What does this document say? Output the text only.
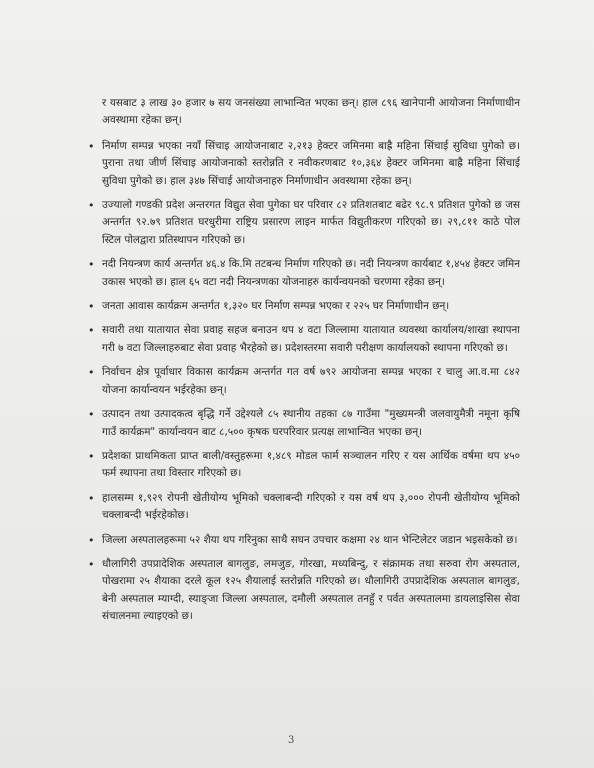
र यसबाट ३ लाख ३० हजार ७ सय जनसंख्या लाभान्वित भएका छन्। हाल ८९६ खानेपानी आयोजना निर्माणाधीन अवस्थामा रहेका छन्।

• निर्माण सम्पन्न भएका नयाँ सिंचाइ आयोजनाबाट २,२१३ हेक्टर जमिनमा बाह्रै महिना सिंचाई सुविधा पुगेको छ। पुराना तथा जीर्ण सिंचाइ आयोजनाको स्तरोन्नति र नवीकरणबाट १०,३६४ हेक्टर जमिनमा बाह्रै महिना सिंचाई सुविधा पुगेको छ। हाल ३४७ सिंचाई आयोजनाहरु निर्माणाधीन अवस्थामा रहेका छन्।
• उज्यालो गण्डकी प्रदेश अन्तरगत विद्युत सेवा पुगेका घर परिवार ८२ प्रतिशतबाट बढेर ९८.९ प्रतिशत पुगेको छ जस अन्तर्गत ९२.७९ प्रतिशत घरधुरीमा राष्ट्रिय प्रसारण लाइन मार्फत विद्युतीकरण गरिएको छ। २९,८११ काठे पोल स्टिल पोलद्वारा प्रतिस्थापन गरिएको छ।
• नदी नियन्त्रण कार्य अन्तर्गत ४६.४ कि.मि तटबन्ध निर्माण गरिएको छ। नदी नियन्त्रण कार्यबाट १,४५४ हेक्टर जमिन उकास भएको छ। हाल ६५ वटा नदी नियन्त्रणका योजनाहरु कार्यन्वयनको चरणमा रहेका छन्।
• जनता आवास कार्यक्रम अन्तर्गत १,३२० घर निर्माण सम्पन्न भएका र २२५ घर निर्माणाधीन छन्।
• सवारी तथा यातायात सेवा प्रवाह सहज बनाउन थप ४ वटा जिल्लामा यातायात व्यवस्था कार्यालय/शाखा स्थापना गरी ७ वटा जिल्लाहरुबाट सेवा प्रवाह भैरहेको छ। प्रदेशस्तरमा सवारी परीक्षण कार्यालयको स्थापना गरिएको छ।
• निर्वाचन क्षेत्र पूर्वाधार विकास कार्यक्रम अन्तर्गत गत वर्ष ७९२ आयोजना सम्पन्न भएका र चालु आ.व.मा ८४२ योजना कार्यान्वयन भईरहेका छन्।
• उत्पादन तथा उत्पादकत्व बृद्धि गर्ने उद्देश्यले ८५ स्थानीय तहका ८७ गाउँमा "मुख्यमन्त्री जलवायुमैत्री नमूना कृषि गाउँ कार्यक्रम" कार्यान्वयन बाट ८,५०० कृषक घरपरिवार प्रत्यक्ष लाभान्वित भएका छन्।
• प्रदेशका प्राथमिकता प्राप्त बाली/वस्तुहरूमा १,४८९ मोडल फार्म सञ्चालन गरिए र यस आर्थिक वर्षमा थप ४५० फर्म स्थापना तथा विस्तार गरिएको छ।
• हालसम्म १,९२९ रोपनी खेतीयोग्य भूमिको चक्लाबन्दी गरिएको र यस वर्ष थप ३,००० रोपनी खेतीयोग्य भूमिको चक्लाबन्दी भईरहेकोछ।
• जिल्ला अस्पतालहरूमा ५२ शैया थप गरिनुका साथै सघन उपचार कक्षमा २४ थान भेन्टिलेटर जडान भइसकेको छ।
• धौलागिरी उपप्रादेशिक अस्पताल बागलुङ, लमजुङ, गोरखा, मध्यबिन्दु, र संक्रामक तथा सरुवा रोग अस्पताल, पोखरामा २५ शैयाका दरले कूल १२५ शैयालाई स्तरोन्नति गरिएको छ। धौलागिरी उपप्रादेशिक अस्पताल बागलुङ, बेनी अस्पताल म्याग्दी, स्याङ्जा जिल्ला अस्पताल, दमौली अस्पताल तनहुँ र पर्वत अस्पतालमा डायलाइसिस सेवा संचालनमा ल्याइएको छ।
3
